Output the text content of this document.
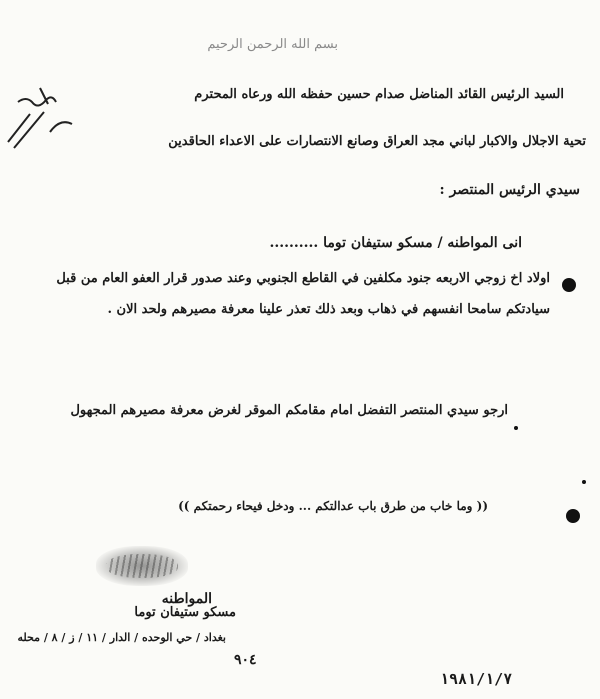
بسم الله الرحمن الرحيم
السيد الرئيس القائد المناضل صدام حسين حفظه الله ورعاه المحترم
تحية الاجلال والاكبار لباني مجد العراق وصانع الانتصارات على الاعداء الحاقدين
سيدي الرئيس المنتصر :
انى المواطنه / مسكو ستيفان توما ..........
اولاد اخ زوجي الاربعه جنود مكلفين في القاطع الجنوبي وعند صدور قرار العفو العام من قبل
سيادتكم سامحا انفسهم في ذهاب وبعد ذلك تعذر علينا معرفة مصيرهم ولحد الان .
ارجو سيدي المنتصر التفضل امام مقامكم الموقر لغرض معرفة مصيرهم المجهول
(( وما خاب من طرق باب عدالتكم ... ودخل فيحاء رحمتكم ))
المواطنه
مسكو ستيفان توما
بغداد / حي الوحده / الدار / ١١ / ز / ٨ / محله
٩٠٤
١٩٨١/١/٧
